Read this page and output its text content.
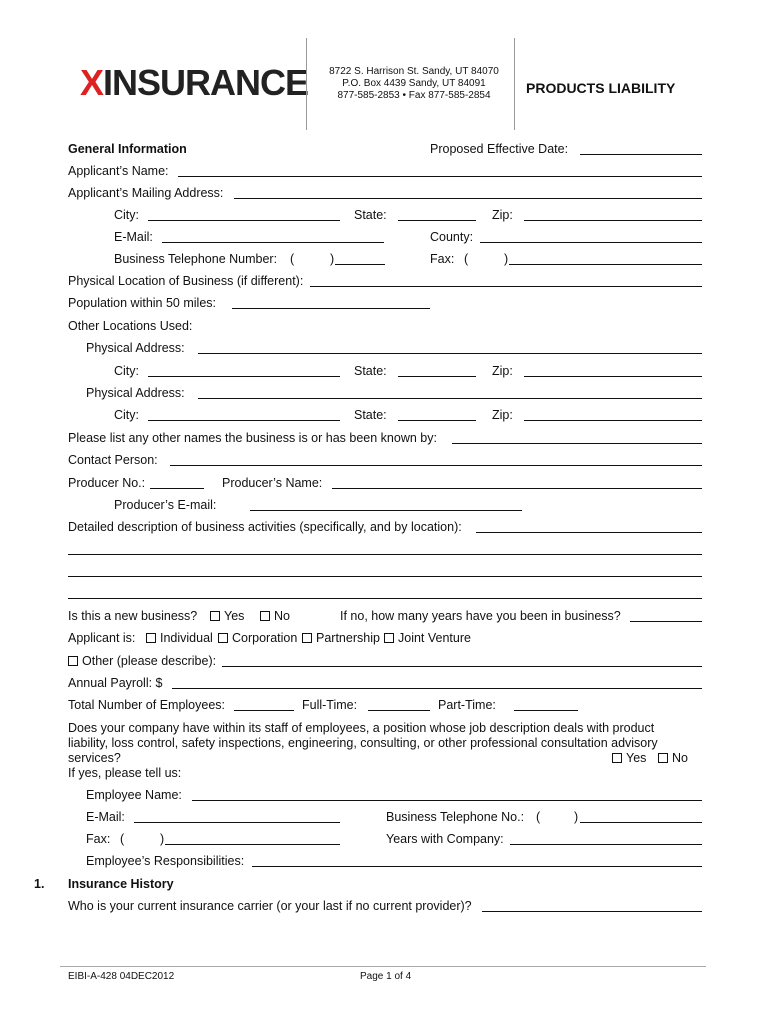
XINSURANCE	8722 S. Harrison St. Sandy, UT 84070
P.O. Box 4439 Sandy, UT 84091
877-585-2853 • Fax 877-585-2854	PRODUCTS LIABILITY
General Information	Proposed Effective Date:
Applicant’s Name:
Applicant’s Mailing Address:
City:	State:	Zip:
E-Mail:	County:
Business Telephone Number: (	)	Fax: (	)
Physical Location of Business (if different):
Population within 50 miles:
Other Locations Used:
Physical Address:
City:	State:	Zip:
Physical Address:
City:	State:	Zip:
Please list any other names the business is or has been known by:
Contact Person:
Producer No.:	Producer’s Name:
Producer’s E-mail:
Detailed description of business activities (specifically, and by location):
Is this a new business?	Yes	No	If no, how many years have you been in business?
Applicant is:	Individual	Corporation	Partnership	Joint Venture
Other (please describe):
Annual Payroll: $
Total Number of Employees:	Full-Time:	Part-Time:
Does your company have within its staff of employees, a position whose job description deals with product
liability, loss control, safety inspections, engineering, consulting, or other professional consultation advisory
services?	Yes	No
If yes, please tell us:
Employee Name:
E-Mail:	Business Telephone No.: (	)
Fax: (	)	Years with Company:
Employee’s Responsibilities:
1. Insurance History
Who is your current insurance carrier (or your last if no current provider)?
EIBI-A-428 04DEC2012	Page 1 of 4
